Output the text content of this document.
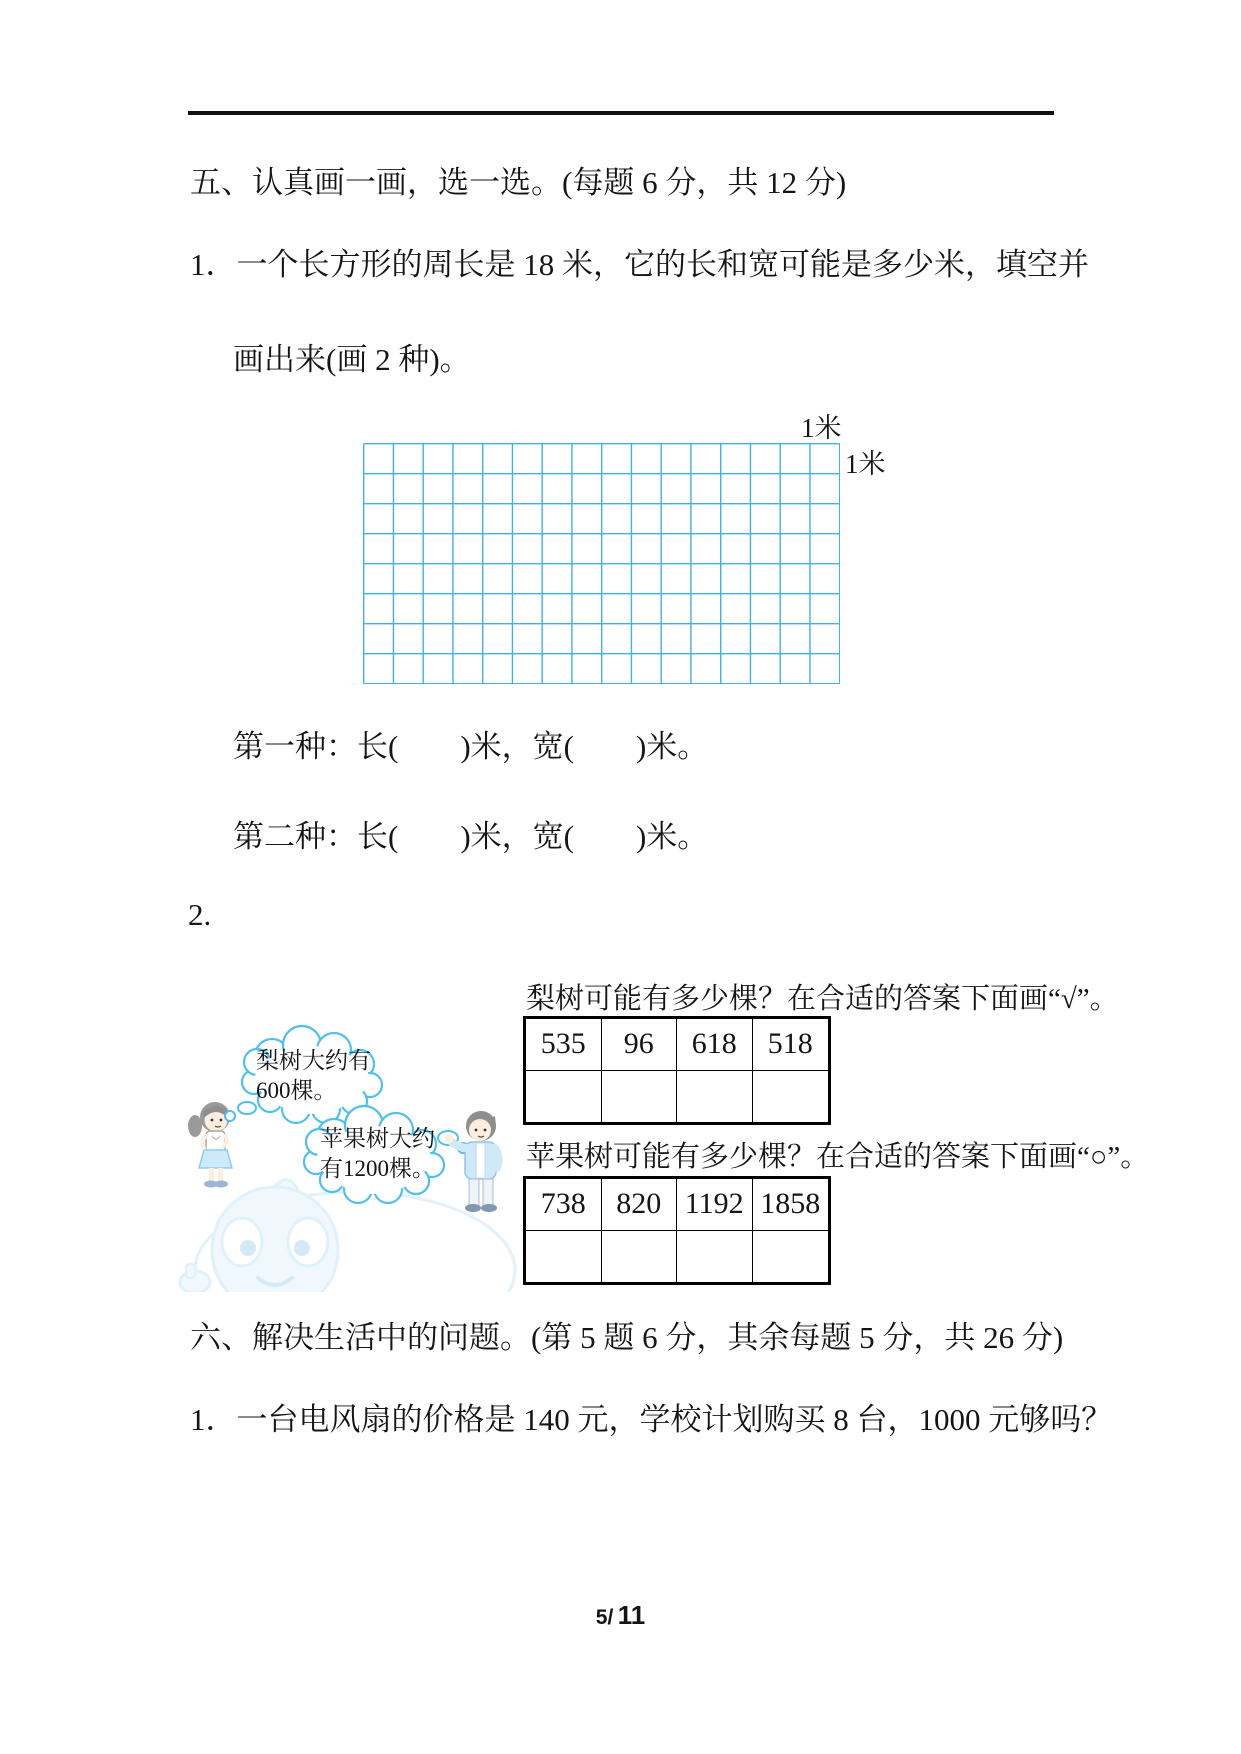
五、认真画一画，选一选。(每题 6 分，共 12 分)
1．一个长方形的周长是 18 米，它的长和宽可能是多少米，填空并
画出来(画 2 种)。
1米
1米
第一种：长(　　)米，宽(　　)米。
第二种：长(　　)米，宽(　　)米。
2.
梨树大约有
600棵。
苹果树大约
有1200棵。
梨树可能有多少棵？在合适的答案下面画“√”。
535	96	618	518
苹果树可能有多少棵？在合适的答案下面画“○”。
738	820 1192 1858
六、解决生活中的问题。(第 5 题 6 分，其余每题 5 分，共 26 分)
1．一台电风扇的价格是 140 元，学校计划购买 8 台，1000 元够吗？
5/ 11
